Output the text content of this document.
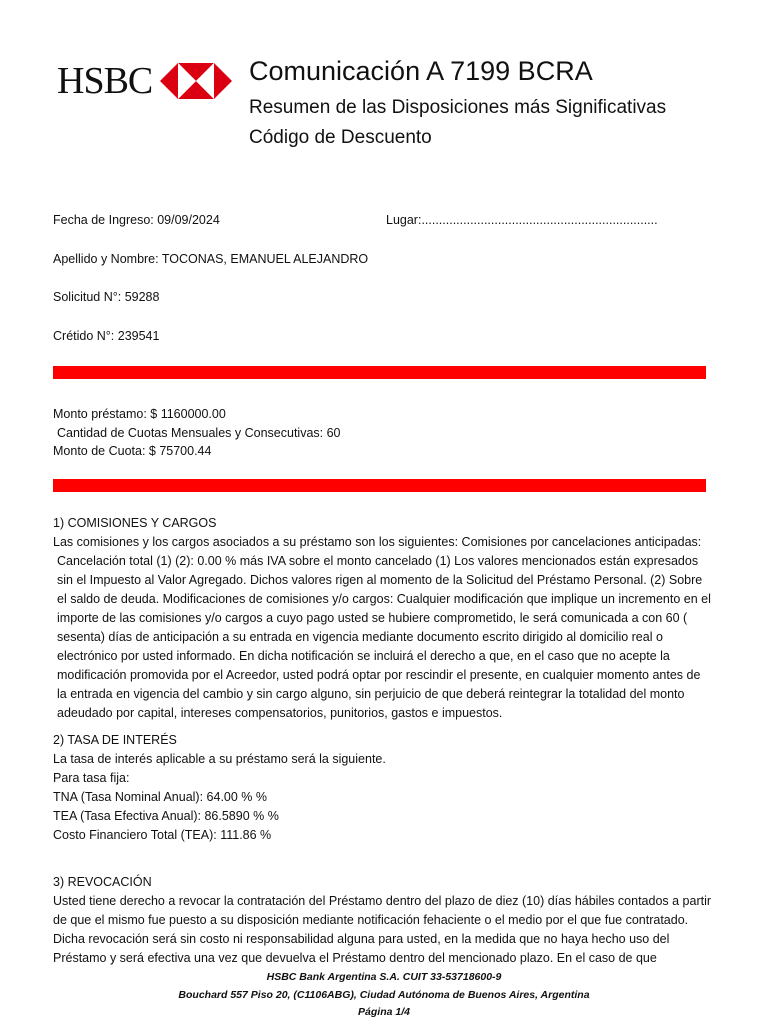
HSBC	Comunicación A 7199 BCRA
Resumen de las Disposiciones más Significativas
Código de Descuento
Fecha de Ingreso: 09/09/2024	Lugar:....................................................................
Apellido y Nombre: TOCONAS, EMANUEL ALEJANDRO
Solicitud N°: 59288
Crétido N°: 239541
Monto préstamo: $ 1160000.00
Cantidad de Cuotas Mensuales y Consecutivas: 60
Monto de Cuota: $ 75700.44

1) COMISIONES Y CARGOS

Las comisiones y los cargos asociados a su préstamo son los siguientes: Comisiones por cancelaciones anticipadas:

Cancelación total (1) (2): 0.00 % más IVA sobre el monto cancelado (1) Los valores mencionados están expresados sin el Impuesto al Valor Agregado. Dichos valores rigen al momento de la Solicitud del Préstamo Personal. (2) Sobre el saldo de deuda. Modificaciones de comisiones y/o cargos: Cualquier modificación que implique un incremento en el importe de las comisiones y/o cargos a cuyo pago usted se hubiere comprometido, le será comunicada a con 60 ( sesenta) días de anticipación a su entrada en vigencia mediante documento escrito dirigido al domicilio real o electrónico por usted informado. En dicha notificación se incluirá el derecho a que, en el caso que no acepte la modificación promovida por el Acreedor, usted podrá optar por rescindir el presente, en cualquier momento antes de la entrada en vigencia del cambio y sin cargo alguno, sin perjuicio de que deberá reintegrar la totalidad del monto adeudado por capital, intereses compensatorios, punitorios, gastos e impuestos.

2) TASA DE INTERÉS

La tasa de interés aplicable a su préstamo será la siguiente.

Para tasa fija:

TNA (Tasa Nominal Anual): 64.00 % %

TEA (Tasa Efectiva Anual): 86.5890 % %

Costo Financiero Total (TEA): 111.86 %

3) REVOCACIÓN

Usted tiene derecho a revocar la contratación del Préstamo dentro del plazo de diez (10) días hábiles contados a partir de que el mismo fue puesto a su disposición mediante notificación fehaciente o el medio por el que fue contratado. Dicha revocación será sin costo ni responsabilidad alguna para usted, en la medida que no haya hecho uso del Préstamo y será efectiva una vez que devuelva el Préstamo dentro del mencionado plazo. En el caso de que

HSBC Bank Argentina S.A. CUIT 33-53718600-9
Bouchard 557 Piso 20, (C1106ABG), Ciudad Autónoma de Buenos Aires, Argentina
Página 1/4
